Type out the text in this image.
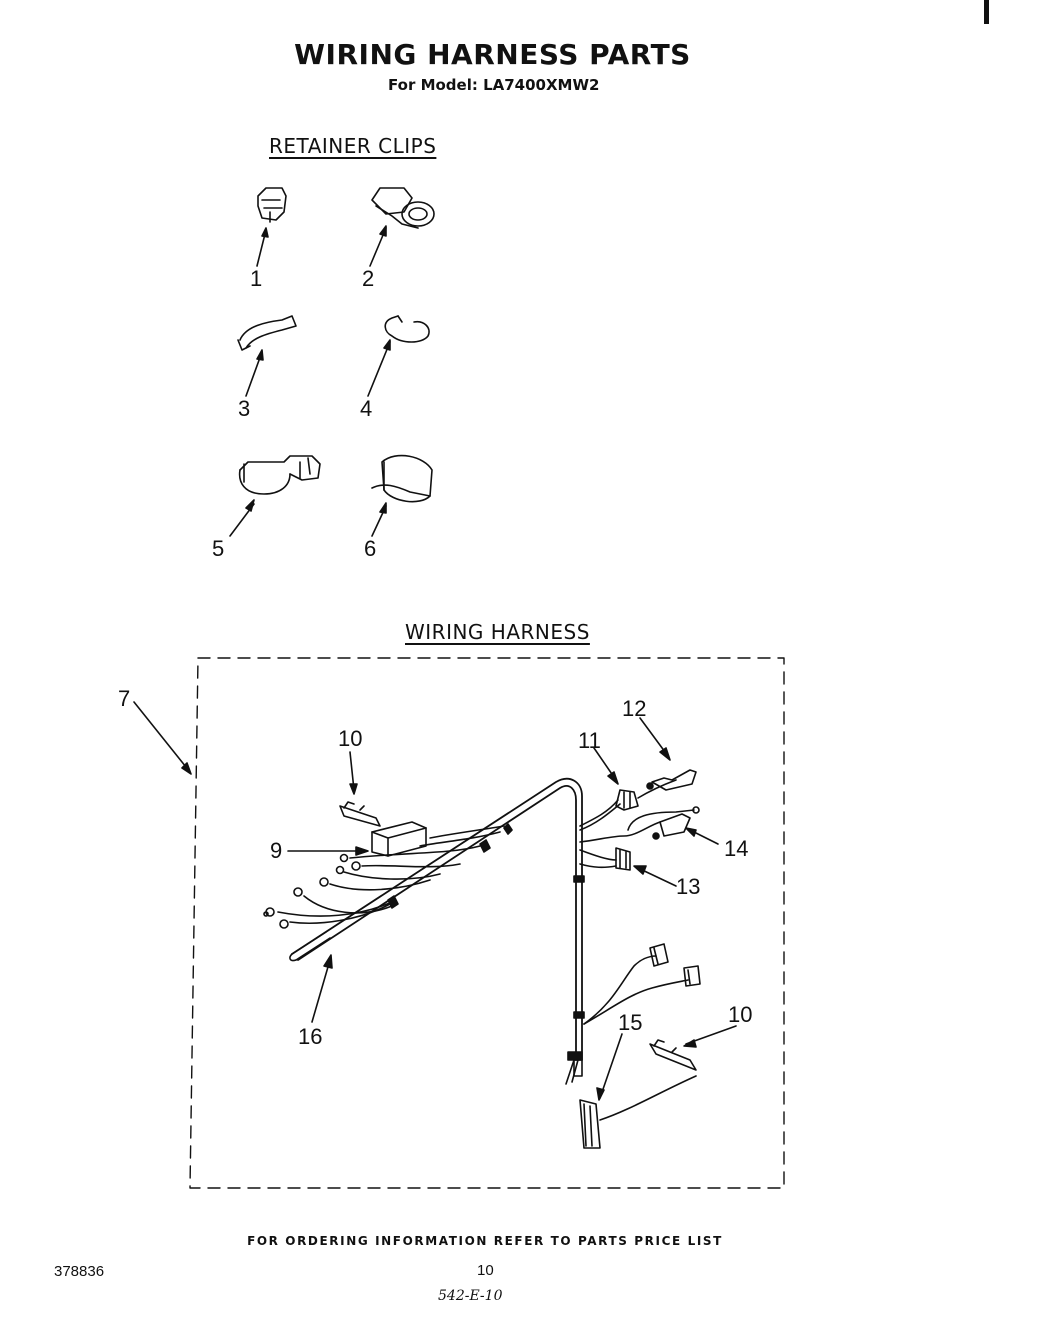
WIRING HARNESS PARTS
For Model: LA7400XMW2
RETAINER CLIPS
WIRING HARNESS
1	2
3	4
5	6
7
9
10
10
11
12
13
14
15
16
FOR ORDERING INFORMATION REFER TO PARTS PRICE LIST
378836	10
542-E-10
